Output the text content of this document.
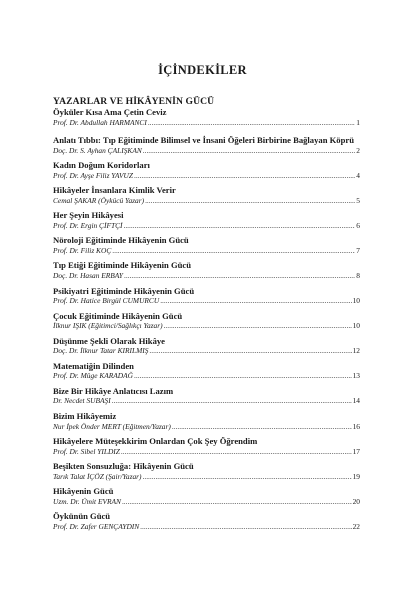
İÇİNDEKİLER
YAZARLAR VE HİKÂYENİN GÜCÜ
Öyküler Kısa Ama Çetin Ceviz
Prof. Dr. Abdullah HARMANCI .....	1
Anlatı Tıbbı: Tıp Eğitiminde Bilimsel ve İnsani Öğeleri Birbirine Bağlayan Köprü
Doç. Dr. S. Ayhan ÇALIŞKAN .....	2
Kadın Doğum Koridorları
Prof. Dr. Ayşe Filiz YAVUZ .....	4
Hikâyeler İnsanlara Kimlik Verir
Cemal ŞAKAR (Öykücü Yazar) .....	5
Her Şeyin Hikâyesi
Prof. Dr. Ergin ÇİFTÇİ .....	6
Nöroloji Eğitiminde Hikâyenin Gücü
Prof. Dr. Filiz KOÇ .....	7
Tıp Etiği Eğitiminde Hikâyenin Gücü
Doç. Dr. Hasan ERBAY .....	8
Psikiyatri Eğitiminde Hikâyenin Gücü
Prof. Dr. Hatice Birgül CUMURCU .....	10
Çocuk Eğitiminde Hikâyenin Gücü
İlknur IŞIK (Eğitimci/Sağlıkçı Yazar) .....	10
Düşünme Şekli Olarak Hikâye
Doç. Dr. İlknur Tatar KIRILMIŞ .....	12
Matematiğin Dilinden
Prof. Dr. Müge KARADAĞ .....	13
Bize Bir Hikâye Anlatıcısı Lazım
Dr. Necdet SUBAŞI .....	14
Bizim Hikâyemiz
Nur İpek Önder MERT (Eğitmen/Yazar) .....	16
Hikâyelere Müteşekkirim Onlardan Çok Şey Öğrendim
Prof. Dr. Sibel YILDIZ .....	17
Beşikten Sonsuzluğa: Hikâyenin Gücü
Tarık Talat İÇÖZ (Şair/Yazar) .....	19
Hikâyenin Gücü
Uzm. Dr. Ümit EVRAN .....	20
Öykünün Gücü
Prof. Dr. Zafer GENÇAYDIN .....	22
